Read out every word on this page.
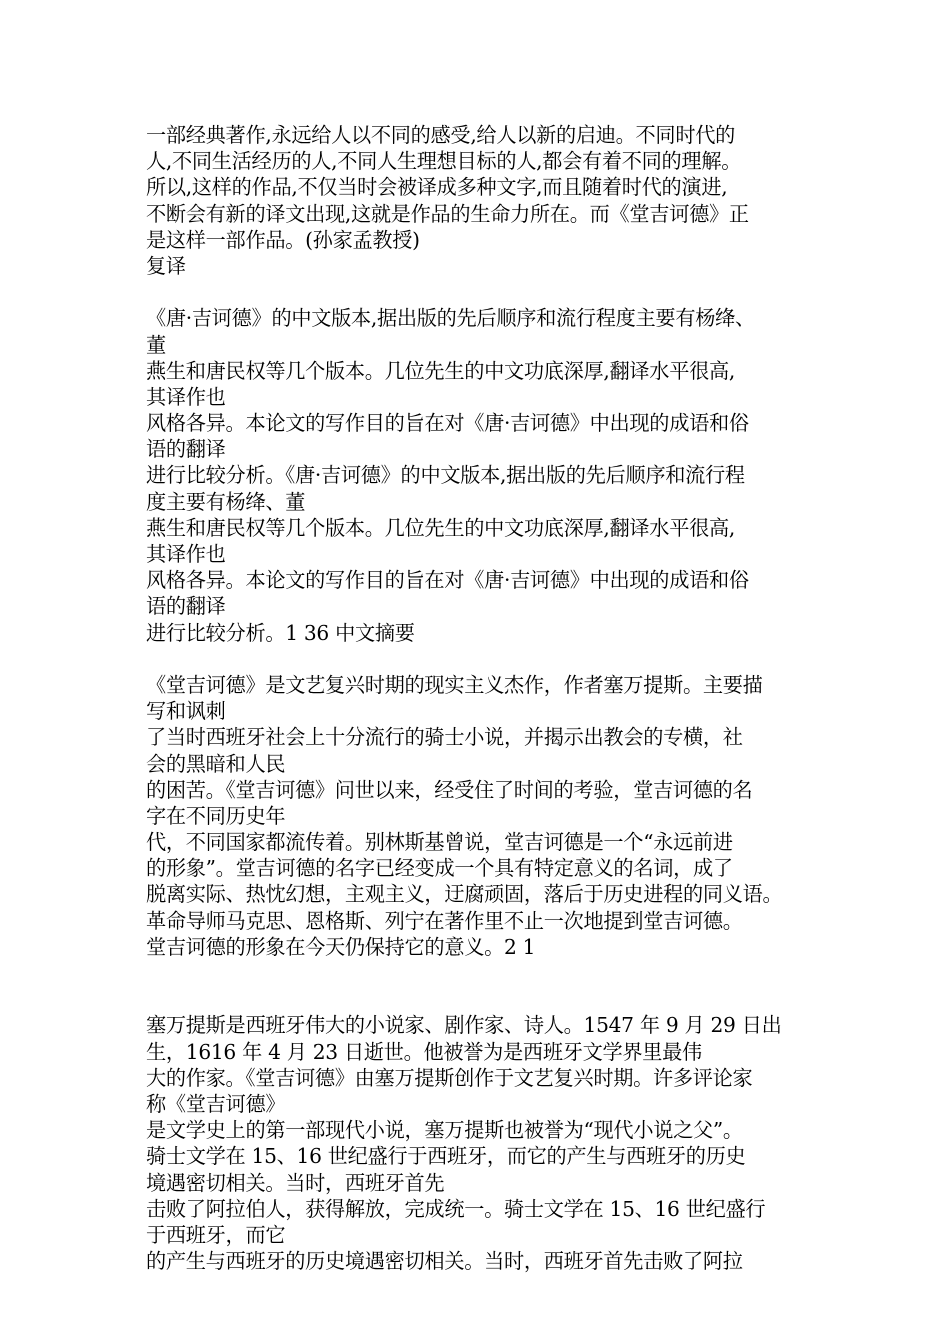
一部经典著作,永远给人以不同的感受,给人以新的启迪。不同时代的
人,不同生活经历的人,不同人生理想目标的人,都会有着不同的理解。
所以,这样的作品,不仅当时会被译成多种文字,而且随着时代的演进,
不断会有新的译文出现,这就是作品的生命力所在。而《堂吉诃德》正
是这样一部作品。(孙家孟教授)
复译
《唐·吉诃德》的中文版本,据出版的先后顺序和流行程度主要有杨绛、
董
燕生和唐民权等几个版本。几位先生的中文功底深厚,翻译水平很高,
其译作也
风格各异。本论文的写作目的旨在对《唐·吉诃德》中出现的成语和俗
语的翻译
进行比较分析。《唐·吉诃德》的中文版本,据出版的先后顺序和流行程
度主要有杨绛、董
燕生和唐民权等几个版本。几位先生的中文功底深厚,翻译水平很高,
其译作也
风格各异。本论文的写作目的旨在对《唐·吉诃德》中出现的成语和俗
语的翻译
进行比较分析。1 36 中文摘要
《堂吉诃德》是文艺复兴时期的现实主义杰作，作者塞万提斯。主要描
写和讽刺
了当时西班牙社会上十分流行的骑士小说，并揭示出教会的专横，社
会的黑暗和人民
的困苦。《堂吉诃德》问世以来，经受住了时间的考验，堂吉诃德的名
字在不同历史年
代，不同国家都流传着。别林斯基曾说，堂吉诃德是一个“永远前进
的形象”。堂吉诃德的名字已经变成一个具有特定意义的名词，成了
脱离实际、热忱幻想，主观主义，迂腐顽固，落后于历史进程的同义语。
革命导师马克思、恩格斯、列宁在著作里不止一次地提到堂吉诃德。
堂吉诃德的形象在今天仍保持它的意义。2 1
塞万提斯是西班牙伟大的小说家、剧作家、诗人。1547 年 9 月 29 日出
生，1616 年 4 月 23 日逝世。他被誉为是西班牙文学界里最伟
大的作家。《堂吉诃德》由塞万提斯创作于文艺复兴时期。许多评论家
称《堂吉诃德》
是文学史上的第一部现代小说，塞万提斯也被誉为“现代小说之父”。
骑士文学在 15、16 世纪盛行于西班牙，而它的产生与西班牙的历史
境遇密切相关。当时，西班牙首先
击败了阿拉伯人，获得解放，完成统一。骑士文学在 15、16 世纪盛行
于西班牙，而它
的产生与西班牙的历史境遇密切相关。当时，西班牙首先击败了阿拉
